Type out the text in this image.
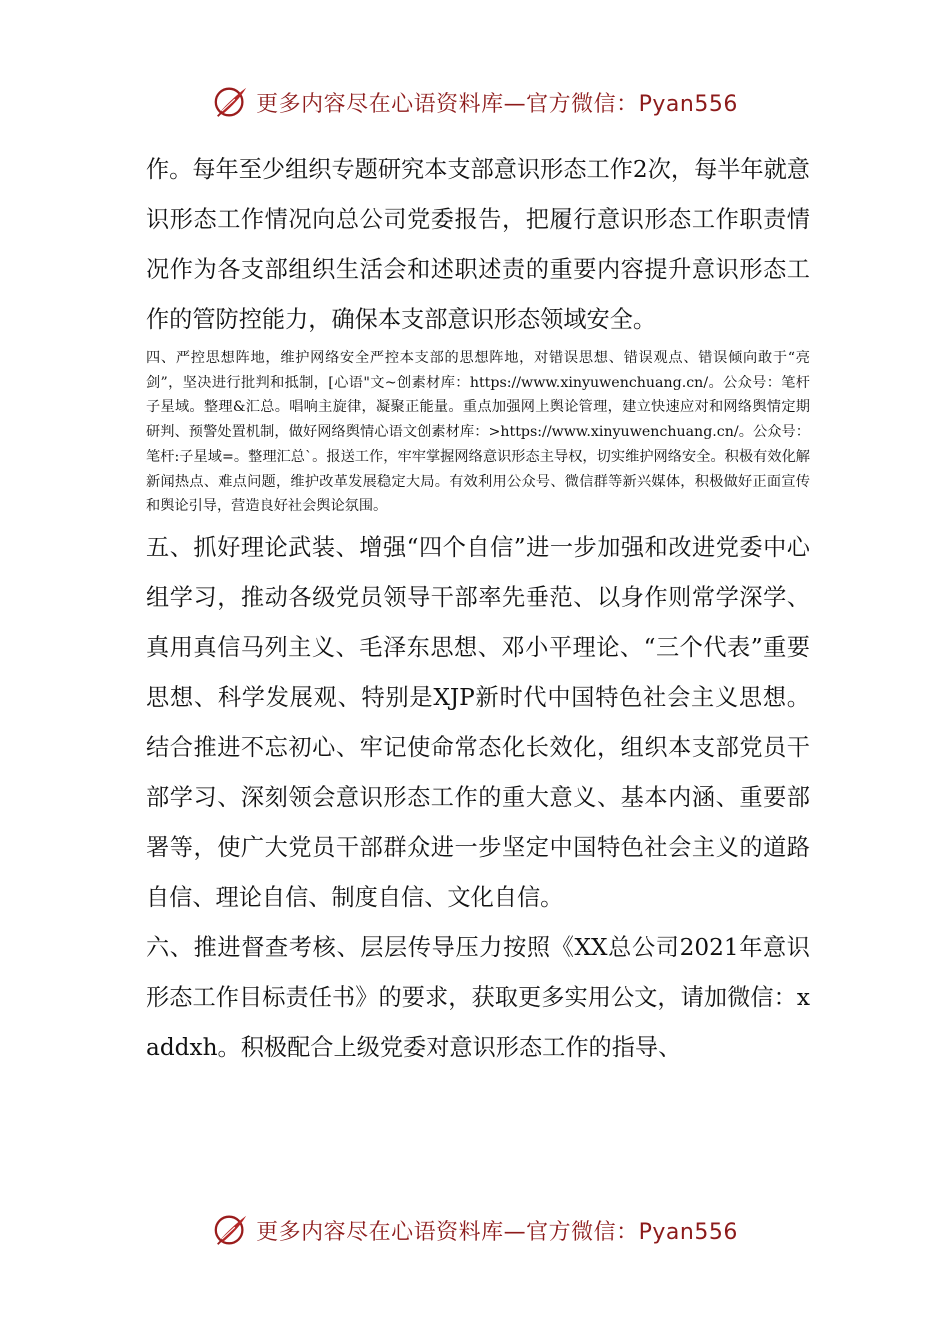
更多内容尽在心语资料库—官方微信：Pyan556

作。每年至少组织专题研究本支部意识形态工作2次，每半年就意识形态工作情况向总公司党委报告，把履行意识形态工作职责情况作为各支部组织生活会和述职述责的重要内容提升意识形态工作的管防控能力，确保本支部意识形态领域安全。

四、严控思想阵地，维护网络安全严控本支部的思想阵地，对错误思想、错误观点、错误倾向敢于“亮剑”，坚决进行批判和抵制，[心语"文~创素材库：https://www.xinyuwenchuang.cn/。公众号：笔杆子星域。整理&汇总。唱响主旋律，凝聚正能量。重点加强网上舆论管理，建立快速应对和网络舆情定期研判、预警处置机制，做好网络舆情心语文创素材库：>https://www.xinyuwenchuang.cn/。公众号：笔杆:子星域=。整理汇总`。报送工作，牢牢掌握网络意识形态主导权，切实维护网络安全。积极有效化解新闻热点、难点问题，维护改革发展稳定大局。有效利用公众号、微信群等新兴媒体，积极做好正面宣传和舆论引导，营造良好社会舆论氛围。

五、抓好理论武装、增强“四个自信”进一步加强和改进党委中心组学习，推动各级党员领导干部率先垂范、以身作则常学深学、真用真信马列主义、毛泽东思想、邓小平理论、“三个代表”重要思想、科学发展观、特别是XJP新时代中国特色社会主义思想。结合推进不忘初心、牢记使命常态化长效化，组织本支部党员干部学习、深刻领会意识形态工作的重大意义、基本内涵、重要部署等，使广大党员干部群众进一步坚定中国特色社会主义的道路自信、理论自信、制度自信、文化自信。

六、推进督查考核、层层传导压力按照《XX总公司2021年意识形态工作目标责任书》的要求，获取更多实用公文，请加微信：xaddxh。积极配合上级党委对意识形态工作的指导、

更多内容尽在心语资料库—官方微信：Pyan556
